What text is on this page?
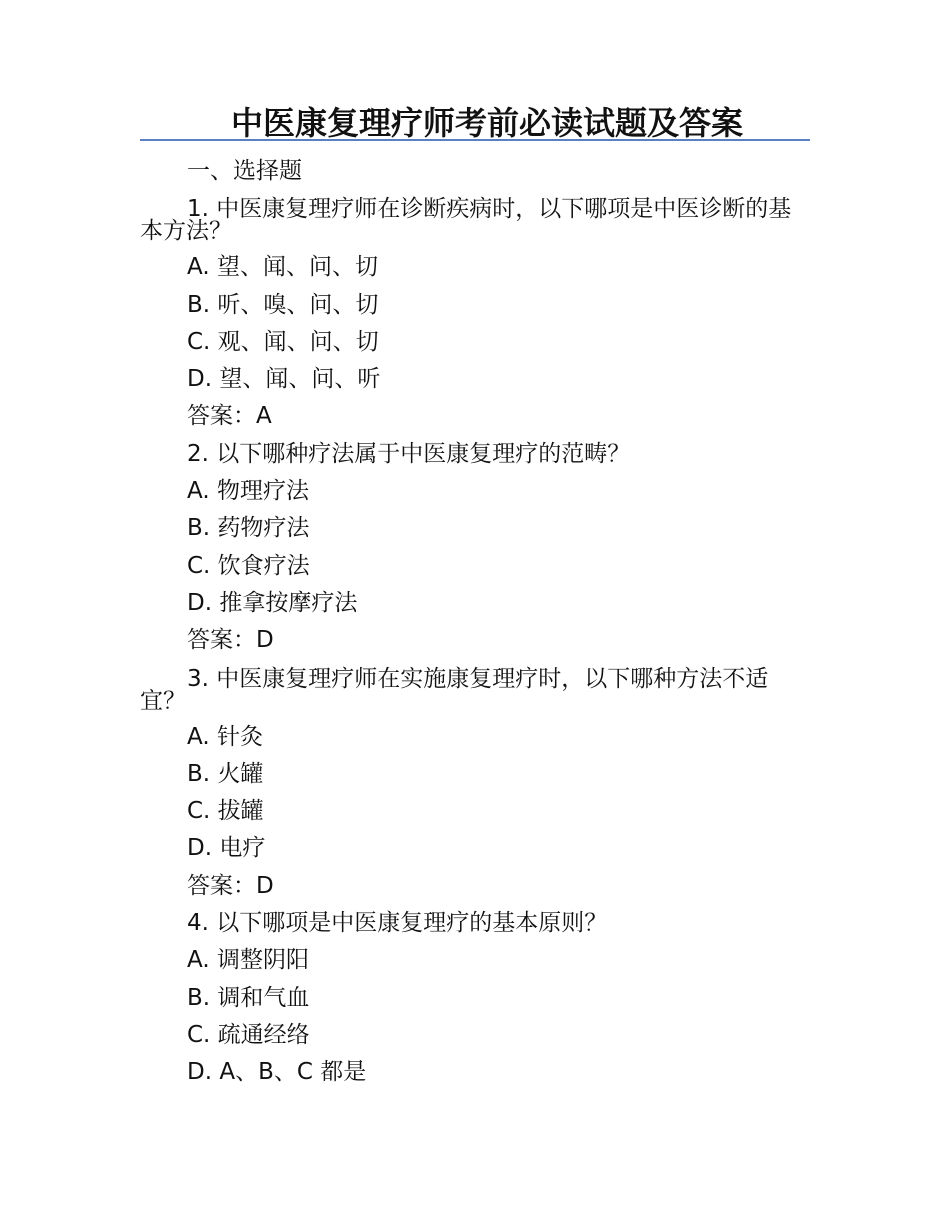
中医康复理疗师考前必读试题及答案
一、选择题
1. 中医康复理疗师在诊断疾病时，以下哪项是中医诊断的基本方法？
A. 望、闻、问、切
B. 听、嗅、问、切
C. 观、闻、问、切
D. 望、闻、问、听
答案：A
2. 以下哪种疗法属于中医康复理疗的范畴？
A. 物理疗法
B. 药物疗法
C. 饮食疗法
D. 推拿按摩疗法
答案：D
3. 中医康复理疗师在实施康复理疗时，以下哪种方法不适宜？
A. 针灸
B. 火罐
C. 拔罐
D. 电疗
答案：D
4. 以下哪项是中医康复理疗的基本原则？
A. 调整阴阳
B. 调和气血
C. 疏通经络
D. A、B、C 都是
